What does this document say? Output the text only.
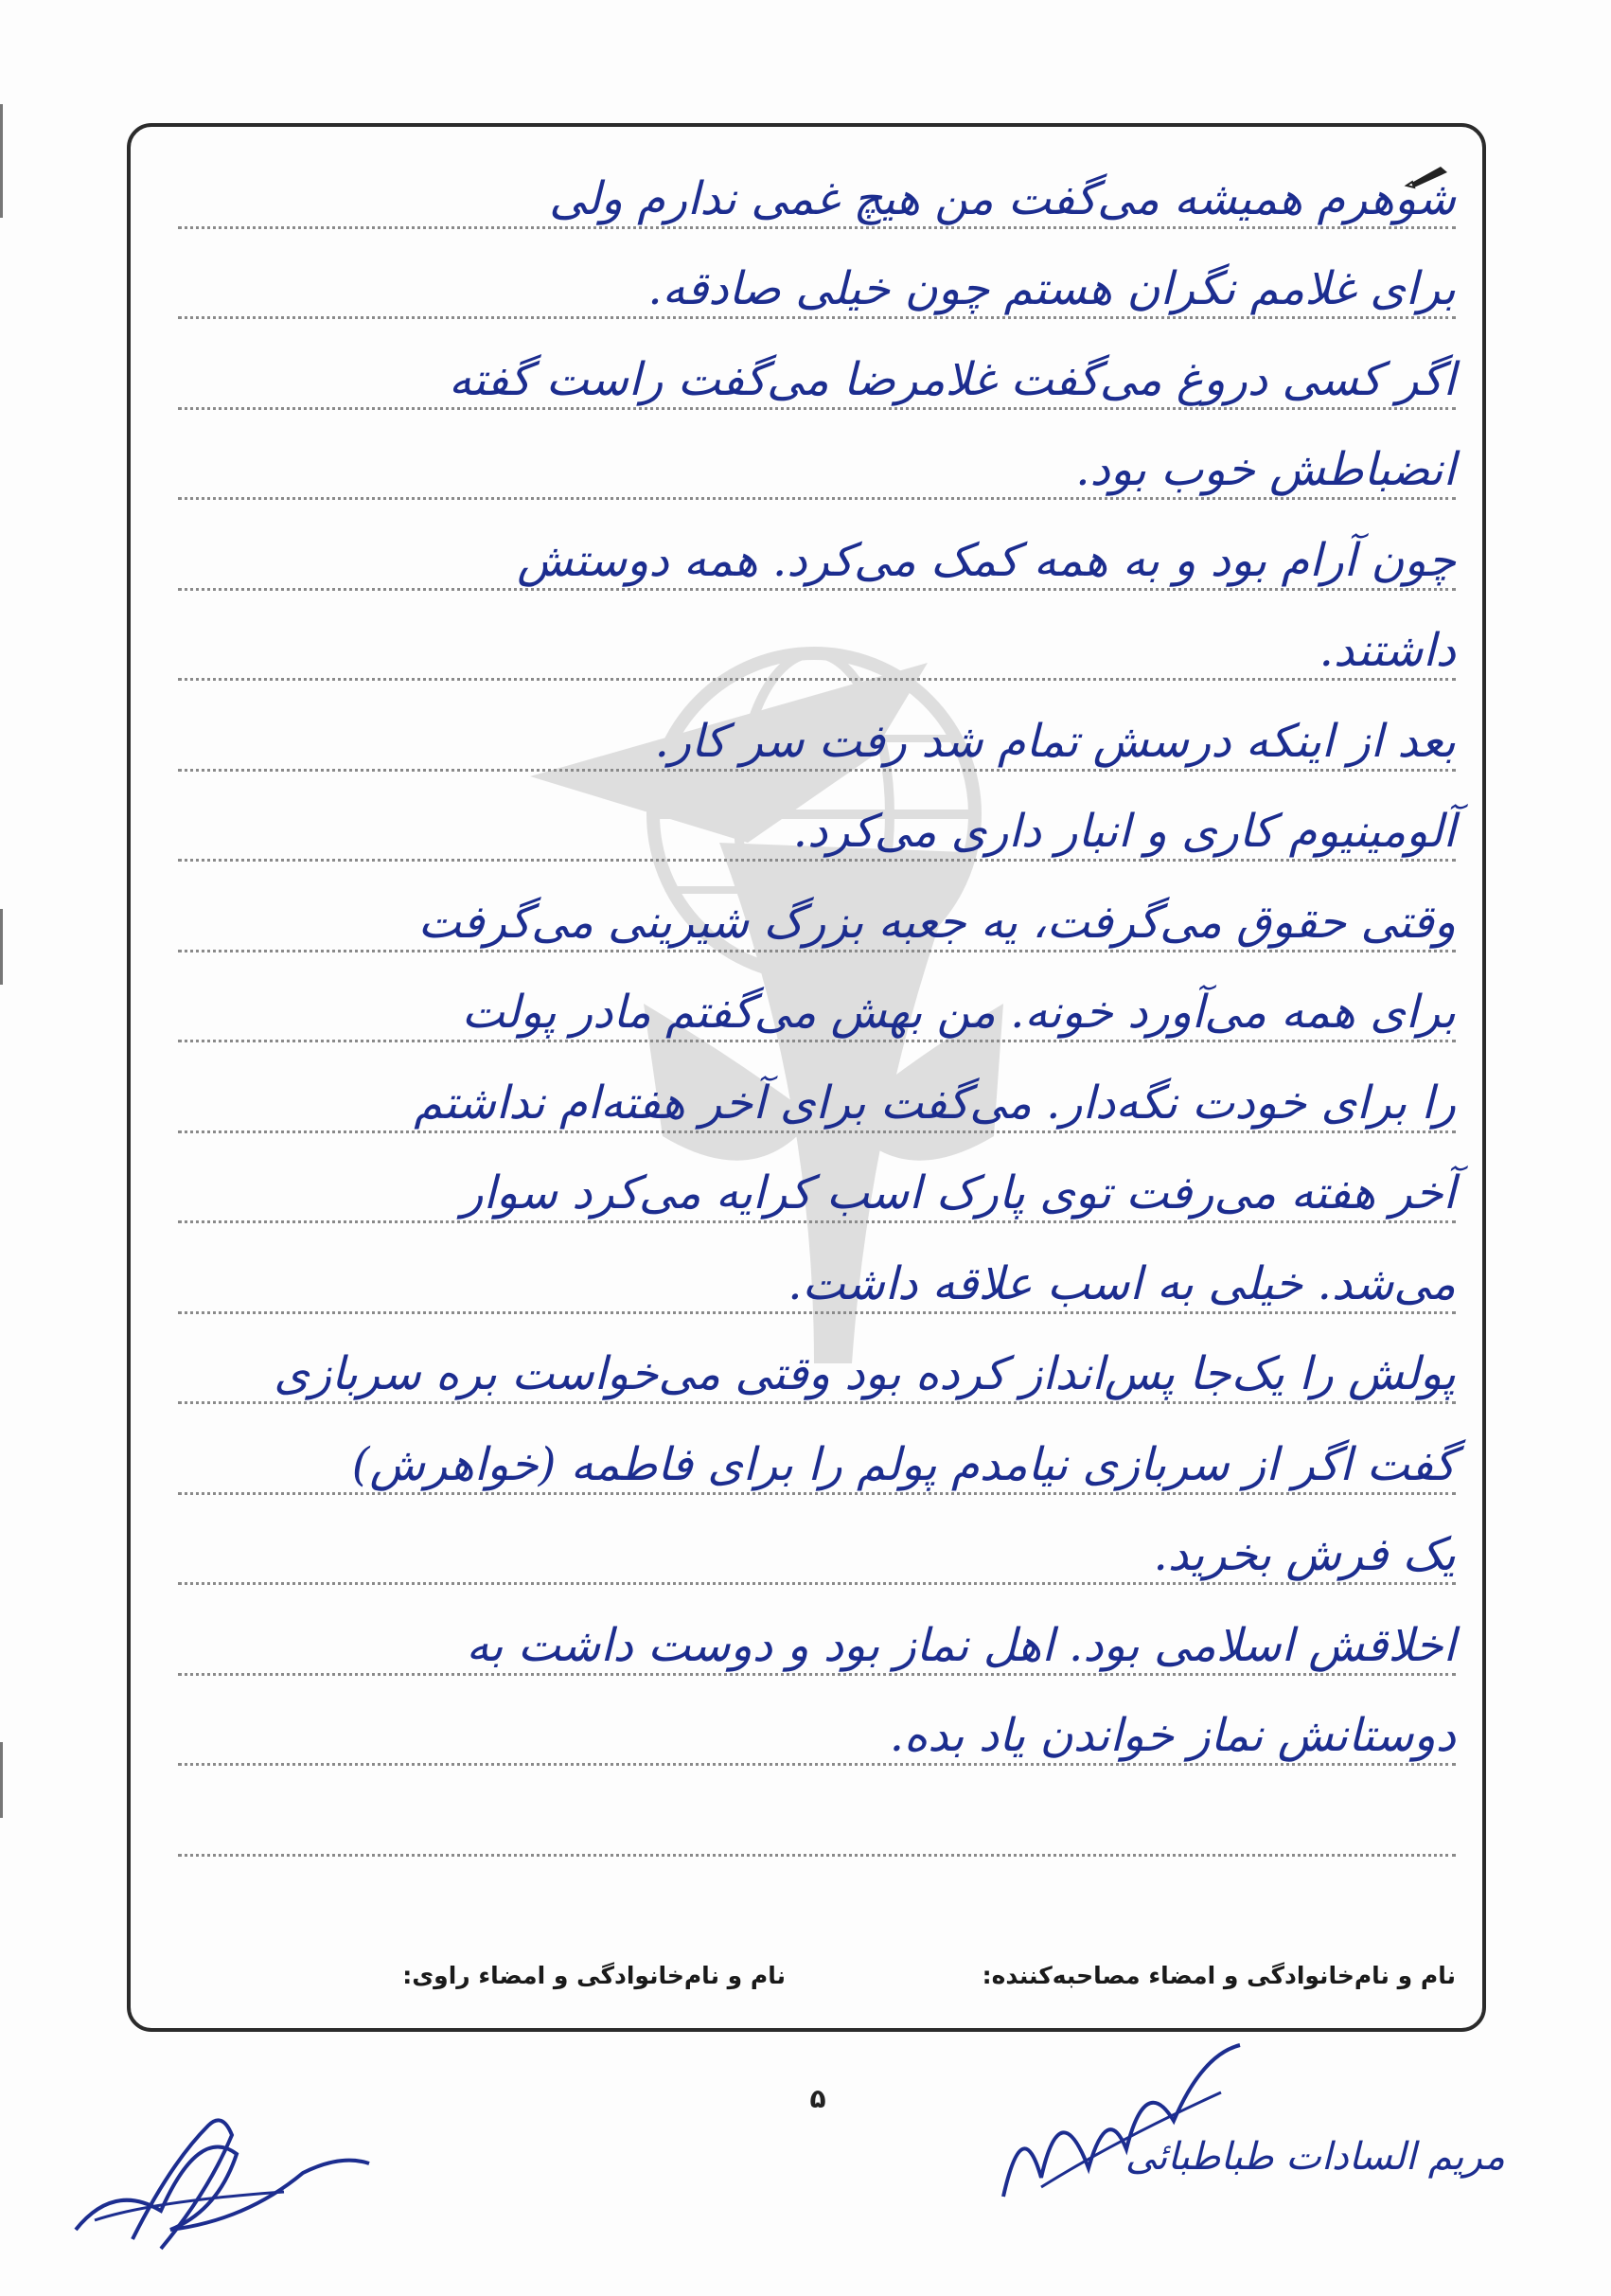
شوهرم همیشه می‌گفت من هیچ غمی ندارم ولی
برای غلامم نگران هستم چون خیلی صادقه.
اگر کسی دروغ می‌گفت غلامرضا می‌گفت راست گفته
انضباطش خوب بود.
چون آرام بود و به همه کمک می‌کرد. همه دوستش
داشتند.
بعد از اینکه درسش تمام شد رفت سر کار.
آلومینیوم کاری و انبار داری می‌کرد.
وقتی حقوق می‌گرفت، یه جعبه بزرگ شیرینی می‌گرفت
برای همه می‌آورد خونه. من بهش می‌گفتم مادر پولت
را برای خودت نگه‌دار. می‌گفت برای آخر هفته‌ام نداشتم
آخر هفته می‌رفت توی پارک اسب کرایه می‌کرد سوار
می‌شد. خیلی به اسب علاقه داشت.
پولش را یک‌جا پس‌انداز کرده بود وقتی می‌خواست بره سربازی
گفت اگر از سربازی نیامدم پولم را برای فاطمه (خواهرش)
یک فرش بخرید.
اخلاقش اسلامی بود. اهل نماز بود و دوست داشت به
دوستانش نماز خواندن یاد بده.
نام و نام‌خانوادگی و امضاء مصاحبه‌کننده:
نام و نام‌خانوادگی و امضاء راوی:
۵
مریم السادات طباطبائی
